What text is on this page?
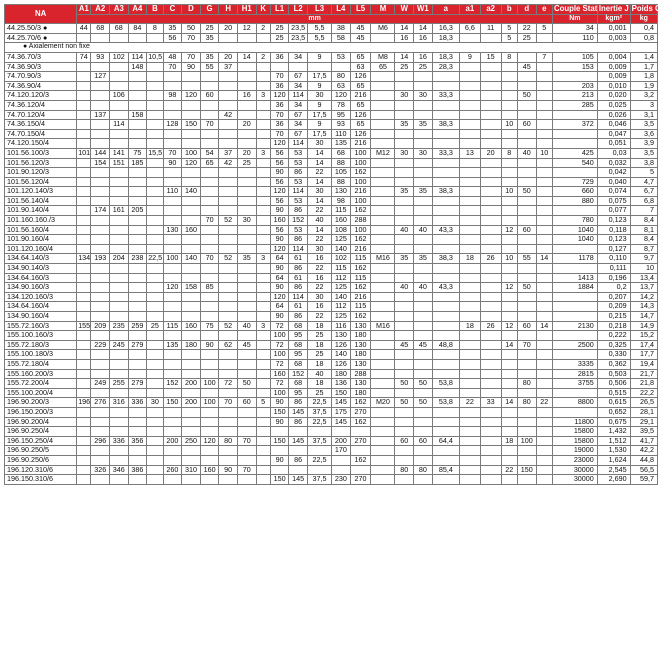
NA	A1	A2	A3	A4	B	C	D	G	H	H1	K	L1	L2	L3	L4	L5	M	W	W1	a	a1	a2	b	d	e	Couple Stat	Inertie J	Poids G
	mm																									Nm	kgm²	kg
44.25.50/3 ●	44	68	68	84	8	35	50	25	20	12	2	25	23,5	5,5	38	45	M6	14	14	16,3	6,6	11	5	22	5	34	0,001	0,4
44.25.70/6 ●						56	70	35				25	23,5	5,5	58	45		16	16	18,3			5	25		110	0,003	0,8
● Axialement non fixe																												
74.36.70/3	74	93	102	114	10,5	48	70	35	20	14	2	36	34	9	53	65	M8	14	16	18,3	9	15	8		7	105	0,004	1,4
74.36.90/3				148		70	90	55	37							63	65	25	25	28,3				45		153	0,009	1,7
74.70.90/3		127										70	67	17,5	80	126											0,009	1,8
74.36.90/4												36	34	9	63	65										203	0,010	1,9
74.120.120/3			106			98	120	60		16	3	120	114	30	120	216		30	30	33,3				50		213	0,020	3,2
74.36.120/4												36	34	9	78	65										285	0,025	3
74.70.120/4		137		158					42			70	67	17,5	95	126											0,026	3,1
74.36.150/4			114			128	150	70		20		36	34	9	93	65		35	35	38,3			10	60		372	0,046	3,5
74.70.150/4												70	67	17,5	110	126											0,047	3,6
74.120.150/4												120	114	30	135	216											0,051	3,9
101.56.100/3	101	144	141	75	15,5	70	100	54	37	20	3	56	53	14	68	100	M12	30	30	33,3	13	20	8	40	10	425	0,03	3,5
101.56.120/3		154	151	185		90	120	65	42	25		56	53	14	88	100										540	0,032	3,8
101.90.120/3												90	86	22	105	162											0,042	5
101.56.120/4												56	53	14	88	100										729	0,040	4,7
101.120.140/3						110	140					120	114	30	130	216		35	35	38,3			10	50		660	0,074	6,7
101.56.140/4												56	53	14	98	100										880	0,075	6,8
101.90.140/4		174	161	205								90	86	22	115	162											0,077	7
101.160.160./3								70	52	30		160	152	40	160	288										780	0,123	8,4
101.56.160/4						130	160					56	53	14	108	100		40	40	43,3			12	60		1040	0,118	8,1
101.90.160/4												90	86	22	125	162										1040	0,123	8,4
101.120.160/4												120	114	30	140	216											0,127	8,7
134.64.140/3	134	193	204	238	22,5	100	140	70	52	35	3	64	61	16	102	115	M16	35	35	38,3	18	26	10	55	14	1178	0,110	9,7
134.90.140/3												90	86	22	115	162											0,111	10
134.64.160/3												64	61	16	112	115										1413	0,196	13,4
134.90.160/3						120	158	85				90	86	22	125	162		40	40	43,3			12	50		1884	0,2	13,7
134.120.160/3												120	114	30	140	216											0,207	14,2
134.64.160/4												64	61	16	112	115											0,209	14,3
134.90.160/4												90	86	22	125	162											0,215	14,7
155.72.160/3	155	209	235	259	25	115	160	75	52	40	3	72	68	18	116	130	M16				18	26	12	60	14	2130	0,218	14,9
155.100.160/3												100	95	25	130	180											0,222	15,2
155.72.180/3		229	245	279		135	180	90	62	45		72	68	18	126	130		45	45	48,8			14	70		2500	0,325	17,4
155.100.180/3												100	95	25	140	180											0,330	17,7
155.72.180/4												72	68	18	126	130										3335	0,362	19,4
155.160.200/3												160	152	40	180	288										2815	0,503	21,7
155.72.200/4		249	255	279		152	200	100	72	50		72	68	18	136	130		50	50	53,8				80		3755	0,506	21,8
155.100.200/4												100	95	25	150	180											0,515	22,2
196.90.200/3	196	276	316	336	30	150	200	100	70	60	5	90	86	22,5	145	162	M20	50	50	53,8	22	33	14	80	22	8800	0,615	26,5
196.150.200/3												150	145	37,5	175	270											0,652	28,1
196.90.200/4												90	86	22,5	145	162										11800	0,675	29,1
196.90.250/4																										15800	1,432	39,5
196.150.250/4		296	336	356		200	250	120	80	70		150	145	37,5	200	270		60	60	64,4			18	100		15800	1,512	41,7
196.90.250/5															170											19000	1,530	42,2
196.90.250/6												90	86	22,5		162										23000	1,624	44,8
196.120.310/6		326	346	386		260	310	160	90	70								80	80	85,4			22	150		30000	2,545	56,5
196.150.310/6												150	145	37,5	230	270										30000	2,690	59,7
